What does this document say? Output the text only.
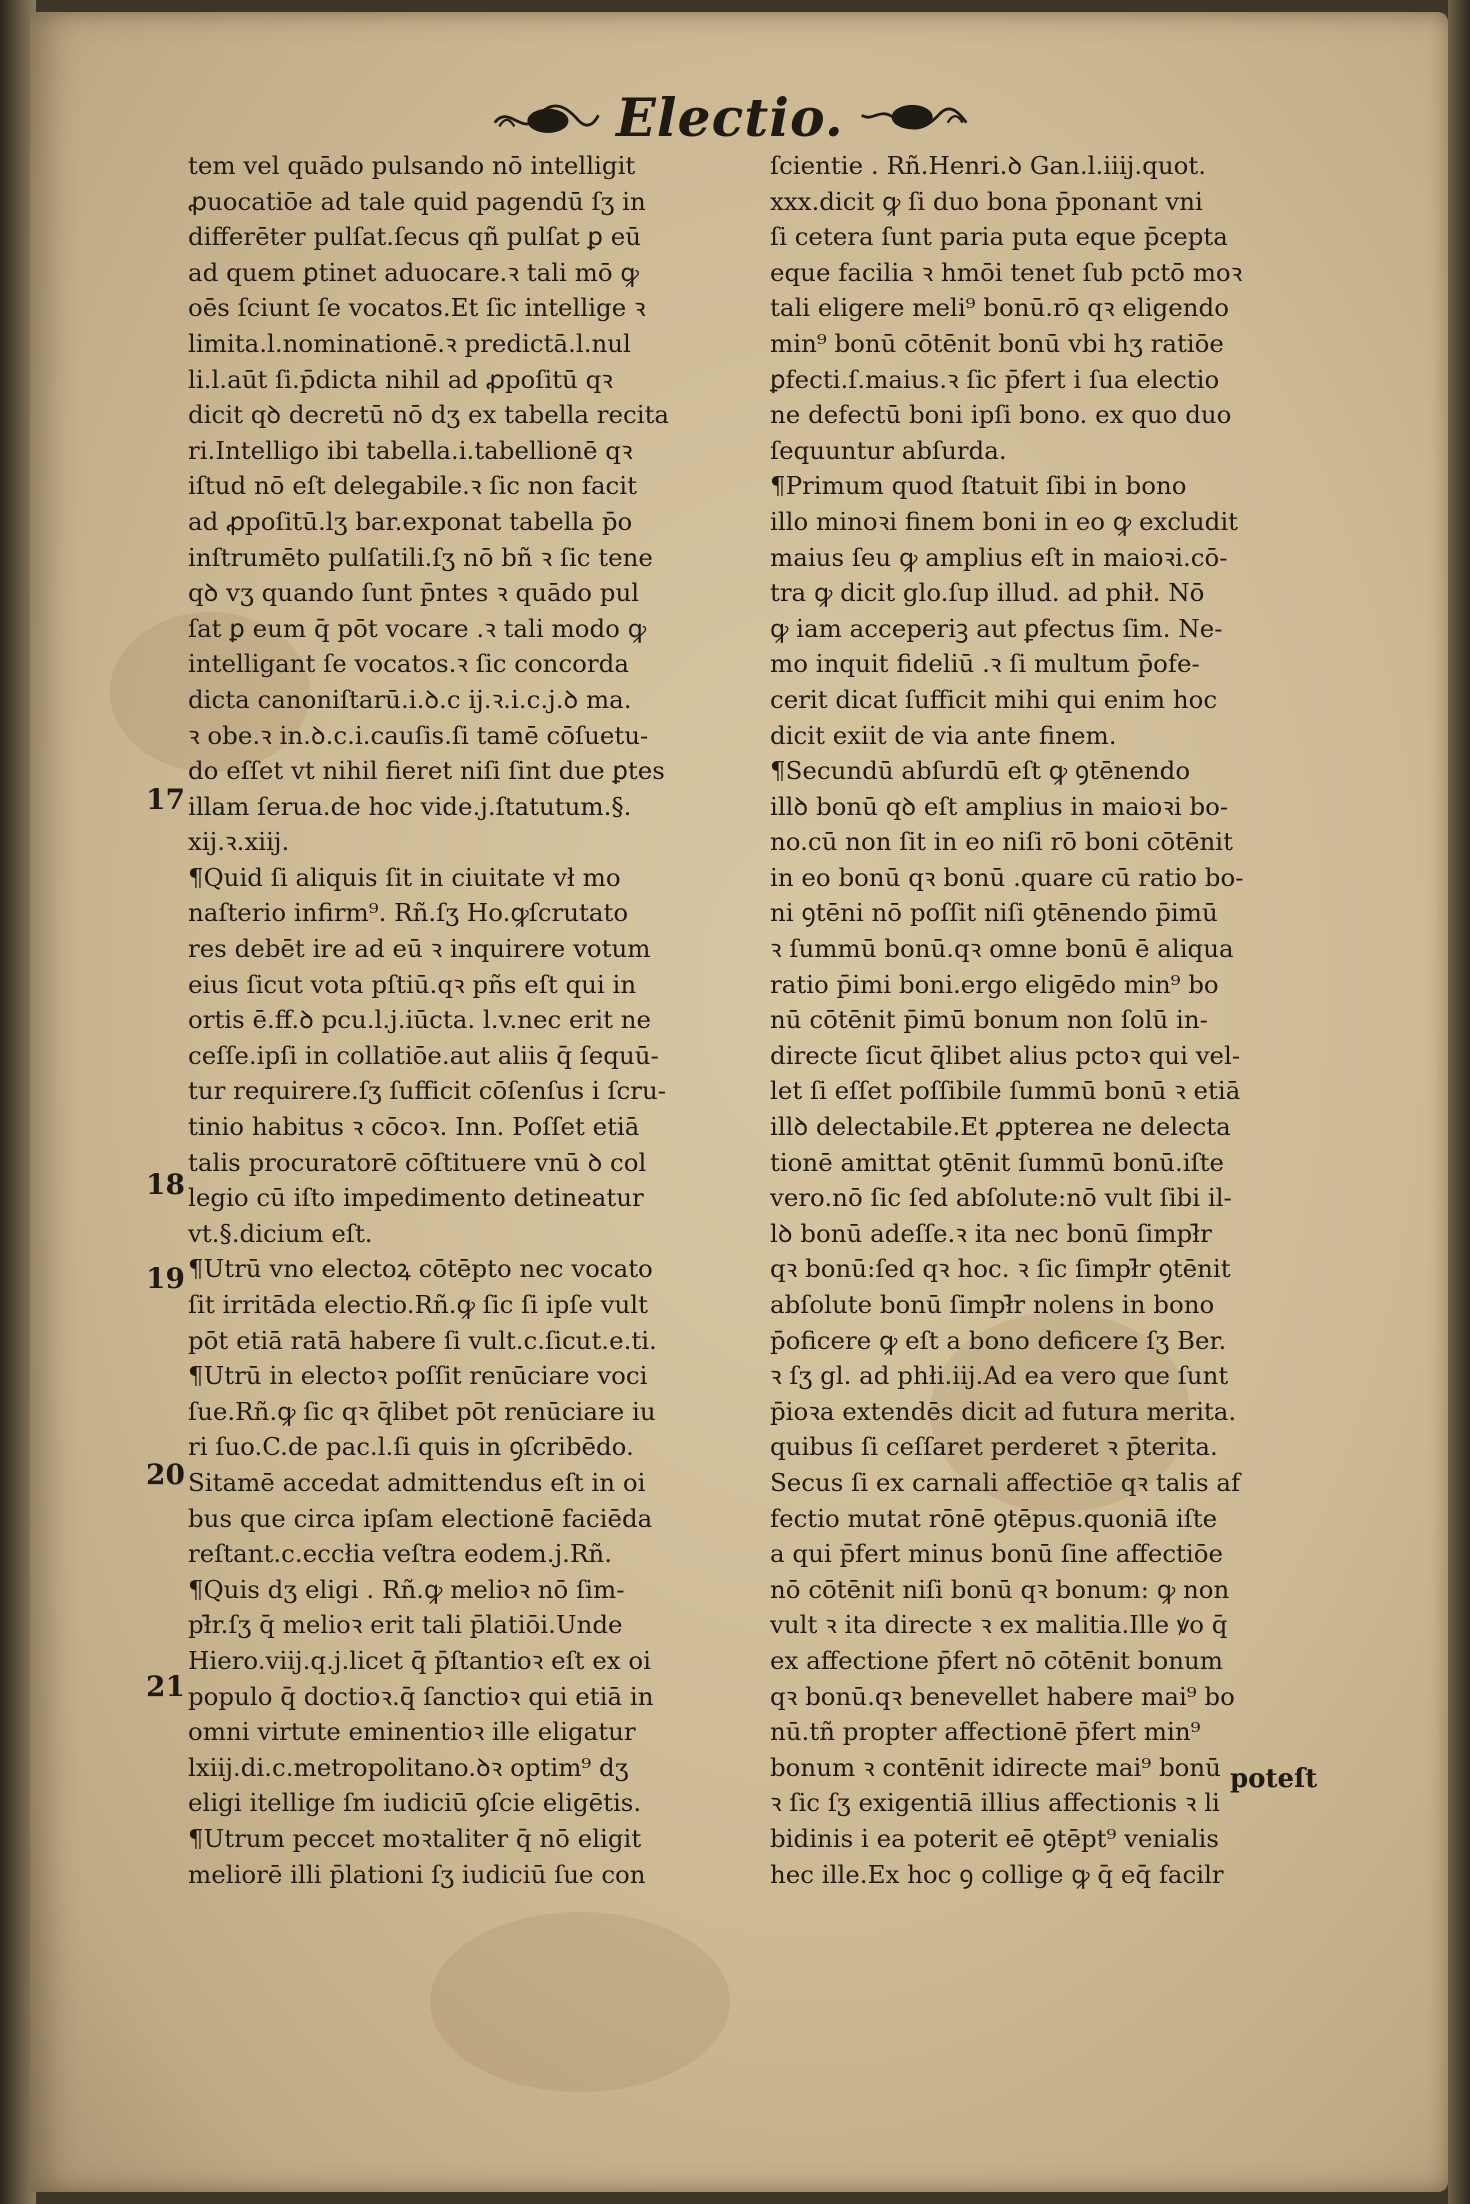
Electio.
tem vel quādo pulsando nō intelligit
ꝓuocatiōe ad tale quid pagendū ſʒ in
differēter pulſat.ſecus qñ pulſat ꝑ eū
ad quem ꝑtinet aduocare.ꝛ tali mō ꝙ
oēs ſciunt ſe vocatos.Et ſic intellige ꝛ
limita.l.nominationē.ꝛ predictā.l.nul
li.l.aūt ſi.p̄dicta nihil ad ꝓpoſitū qꝛ
dicit qꝺ decretū nō dʒ ex tabella recita
ri.Intelligo ibi tabella.i.tabellionē qꝛ
iſtud nō eſt delegabile.ꝛ ſic non facit
ad ꝓpoſitū.lʒ bar.exponat tabella p̄o
inſtrumēto pulſatili.ſʒ nō bñ ꝛ ſic tene
qꝺ vʒ quando ſunt p̄ntes ꝛ quādo pul
ſat ꝑ eum q̄ pōt vocare .ꝛ tali modo ꝙ
intelligant ſe vocatos.ꝛ ſic concorda
dicta canoniſtarū.i.ꝺ.c ij.ꝛ.i.c.j.ꝺ ma.
ꝛ obe.ꝛ in.ꝺ.c.i.cauſis.ſi tamē cōſuetu-
do eſſet vt nihil fieret niſi ſint due ꝑtes
illam ſerua.de hoc vide.j.ſtatutum.§.
xij.ꝛ.xiij.
¶Quid ſi aliquis ſit in ciuitate vł mo
naſterio infirm⁹. Rñ.ſʒ Ho.ꝙſcrutato
res debēt ire ad eū ꝛ inquirere votum
eius ſicut vota pſtiū.qꝛ pñs eſt qui in
ortis ē.ff.ꝺ pcu.l.j.iūcta. l.v.nec erit ne
ceſſe.ipſi in collatiōe.aut aliis q̄ ſequū-
tur requirere.ſʒ ſufficit cōſenſus i ſcru-
tinio habitus ꝛ cōcoꝛ. Inn. Poſſet etiā
talis procuratorē cōſtituere vnū ꝺ col
legio cū iſto impedimento detineatur
vt.§.dicium eſt.
¶Utrū vno electoꝝ cōtēpto nec vocato
ſit irritāda electio.Rñ.ꝙ ſic ſi ipſe vult
pōt etiā ratā habere ſi vult.c.ſicut.e.ti.
¶Utrū in electoꝛ poſſit renūciare voci
ſue.Rñ.ꝙ ſic qꝛ q̄libet pōt renūciare iu
ri ſuo.C.de pac.l.ſi quis in ꝯſcribēdo.
Sitamē accedat admittendus eſt in oi
bus que circa ipſam electionē faciēda
reſtant.c.eccłia veſtra eodem.j.Rñ.
¶Quis dʒ eligi . Rñ.ꝙ melioꝛ nō ſim-
pł̄r.ſʒ q̄ melioꝛ erit tali p̄latiōi.Unde
Hiero.viij.q.j.licet q̄ p̄ſtantioꝛ eſt ex oi
populo q̄ doctioꝛ.q̄ ſanctioꝛ qui etiā in
omni virtute eminentioꝛ ille eligatur
lxiij.di.c.metropolitano.ꝺꝛ optim⁹ dʒ
eligi itellige ſm iudiciū ꝯſcie eligētis.
¶Utrum peccet moꝛtaliter q̄ nō eligit
meliorē illi p̄lationi ſʒ iudiciū ſue con
ſcientie . Rñ.Henri.ꝺ Gan.l.iiij.quot.
xxx.dicit ꝙ ſi duo bona p̄ponant vni
ſi cetera ſunt paria puta eque p̄cepta
eque facilia ꝛ hmōi tenet ſub pctō moꝛ
tali eligere meli⁹ bonū.rō qꝛ eligendo
min⁹ bonū cōtēnit bonū vbi hʒ ratiōe
ꝑfecti.ſ.maius.ꝛ ſic p̄fert i ſua electio
ne defectū boni ipſi bono. ex quo duo
ſequuntur abſurda.
¶Primum quod ſtatuit ſibi in bono
illo minoꝛi finem boni in eo ꝙ excludit
maius ſeu ꝙ amplius eſt in maioꝛi.cō-
tra ꝙ dicit glo.ſup illud. ad phił. Nō
ꝙ iam acceperiꝫ aut ꝑfectus ſim. Ne-
mo inquit fideliū .ꝛ ſi multum p̄ofe-
cerit dicat ſufficit mihi qui enim hoc
dicit exiit de via ante finem.
¶Secundū abſurdū eſt ꝙ ꝯtēnendo
illꝺ bonū qꝺ eſt amplius in maioꝛi bo-
no.cū non ſit in eo niſi rō boni cōtēnit
in eo bonū qꝛ bonū .quare cū ratio bo-
ni ꝯtēni nō poſſit niſi ꝯtēnendo p̄imū
ꝛ ſummū bonū.qꝛ omne bonū ē aliqua
ratio p̄imi boni.ergo eligēdo min⁹ bo
nū cōtēnit p̄imū bonum non ſolū in-
directe ſicut q̄libet alius pctoꝛ qui vel-
let ſi eſſet poſſibile ſummū bonū ꝛ etiā
illꝺ delectabile.Et ꝓpterea ne delecta
tionē amittat ꝯtēnit ſummū bonū.iſte
vero.nō ſic ſed abſolute:nō vult ſibi il-
lꝺ bonū adeſſe.ꝛ ita nec bonū ſimpł̄r
qꝛ bonū:ſed qꝛ hoc. ꝛ ſic ſimpł̄r ꝯtēnit
abſolute bonū ſimpł̄r nolens in bono
p̄oficere ꝙ eſt a bono deficere ſʒ Ber.
ꝛ ſʒ gl. ad phłi.iij.Ad ea vero que ſunt
p̄ioꝛa extendēs dicit ad futura merita.
quibus ſi ceſſaret perderet ꝛ p̄terita.
Secus ſi ex carnali affectiōe qꝛ talis af
fectio mutat rōnē ꝯtēpus.quoniā iſte
a qui p̄fert minus bonū ſine affectiōe
nō cōtēnit niſi bonū qꝛ bonum: ꝙ non
vult ꝛ ita directe ꝛ ex malitia.Ille ꝟo q̄
ex affectione p̄fert nō cōtēnit bonum
qꝛ bonū.qꝛ benevellet habere mai⁹ bo
nū.tñ propter affectionē p̄fert min⁹
bonum ꝛ contēnit idirecte mai⁹ bonū
ꝛ ſic ſʒ exigentiā illius affectionis ꝛ li
bidinis i ea poterit eē ꝯtēpt⁹ venialis
hec ille.Ex hoc ꝯ collige ꝙ q̄ eq̄ facilr
17
18
19
20
21
poteſt
